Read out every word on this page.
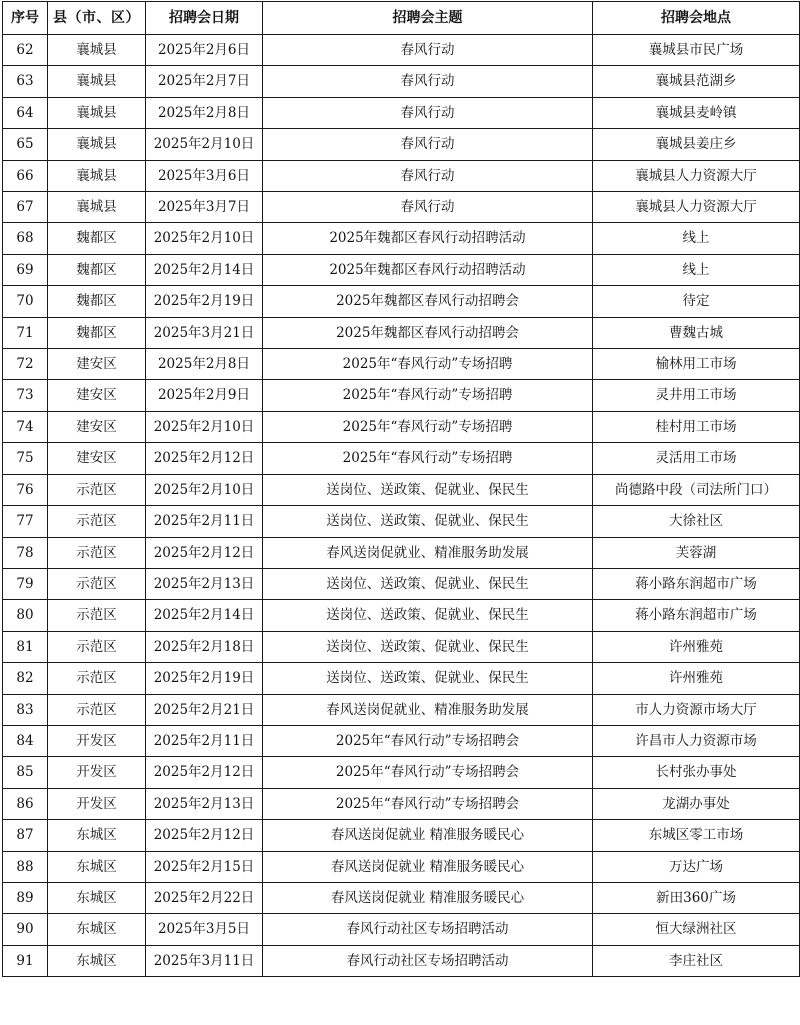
序号	县（市、区）	招聘会日期	招聘会主题	招聘会地点
62	襄城县	2025年2月6日	春风行动	襄城县市民广场
63	襄城县	2025年2月7日	春风行动	襄城县范湖乡
64	襄城县	2025年2月8日	春风行动	襄城县麦岭镇
65	襄城县	2025年2月10日	春风行动	襄城县姜庄乡
66	襄城县	2025年3月6日	春风行动	襄城县人力资源大厅
67	襄城县	2025年3月7日	春风行动	襄城县人力资源大厅
68	魏都区	2025年2月10日	2025年魏都区春风行动招聘活动	线上
69	魏都区	2025年2月14日	2025年魏都区春风行动招聘活动	线上
70	魏都区	2025年2月19日	2025年魏都区春风行动招聘会	待定
71	魏都区	2025年3月21日	2025年魏都区春风行动招聘会	曹魏古城
72	建安区	2025年2月8日	2025年“春风行动”专场招聘	榆林用工市场
73	建安区	2025年2月9日	2025年“春风行动”专场招聘	灵井用工市场
74	建安区	2025年2月10日	2025年“春风行动”专场招聘	桂村用工市场
75	建安区	2025年2月12日	2025年“春风行动”专场招聘	灵活用工市场
76	示范区	2025年2月10日	送岗位、送政策、促就业、保民生	尚德路中段（司法所门口）
77	示范区	2025年2月11日	送岗位、送政策、促就业、保民生	大徐社区
78	示范区	2025年2月12日	春风送岗促就业、精准服务助发展	芙蓉湖
79	示范区	2025年2月13日	送岗位、送政策、促就业、保民生	蒋小路东润超市广场
80	示范区	2025年2月14日	送岗位、送政策、促就业、保民生	蒋小路东润超市广场
81	示范区	2025年2月18日	送岗位、送政策、促就业、保民生	许州雅苑
82	示范区	2025年2月19日	送岗位、送政策、促就业、保民生	许州雅苑
83	示范区	2025年2月21日	春风送岗促就业、精准服务助发展	市人力资源市场大厅
84	开发区	2025年2月11日	2025年“春风行动”专场招聘会	许昌市人力资源市场
85	开发区	2025年2月12日	2025年“春风行动”专场招聘会	长村张办事处
86	开发区	2025年2月13日	2025年“春风行动”专场招聘会	龙湖办事处
87	东城区	2025年2月12日	春风送岗促就业 精准服务暖民心	东城区零工市场
88	东城区	2025年2月15日	春风送岗促就业 精准服务暖民心	万达广场
89	东城区	2025年2月22日	春风送岗促就业 精准服务暖民心	新田360广场
90	东城区	2025年3月5日	春风行动社区专场招聘活动	恒大绿洲社区
91	东城区	2025年3月11日	春风行动社区专场招聘活动	李庄社区
